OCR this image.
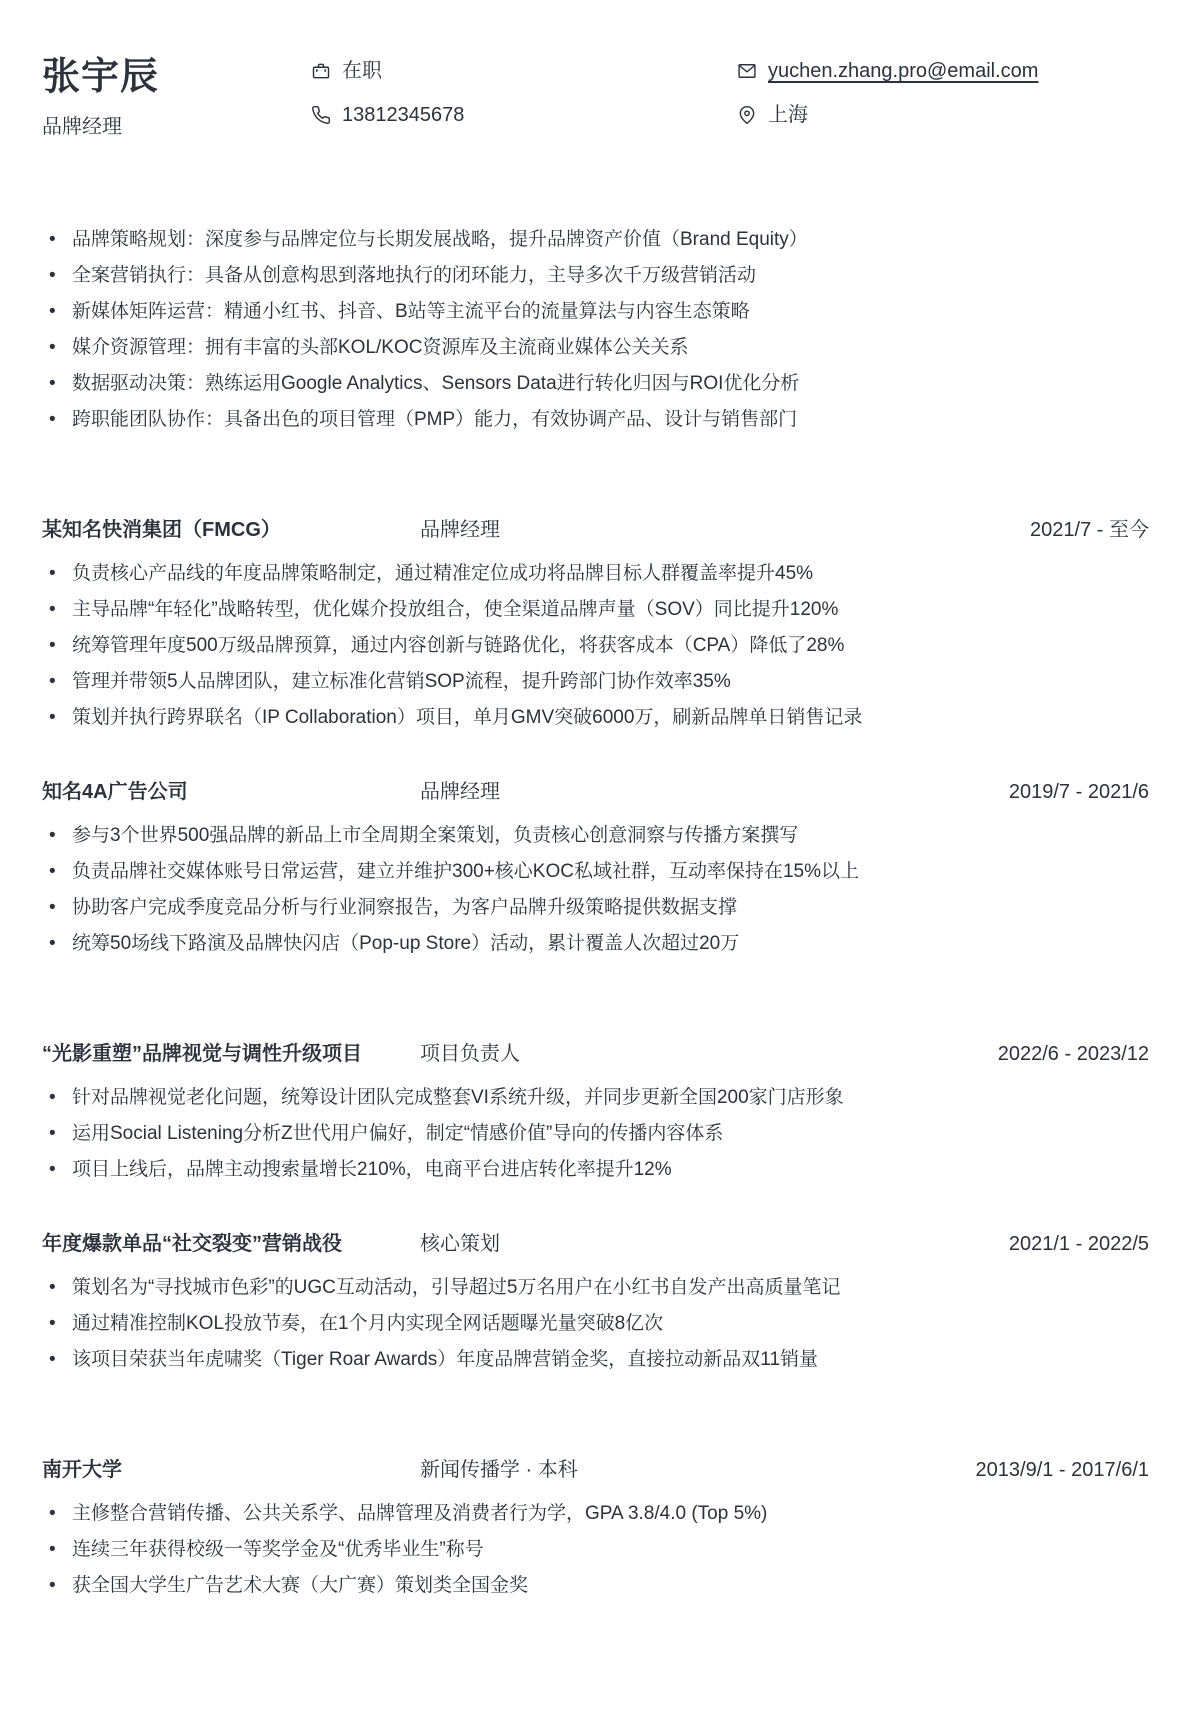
张宇辰
品牌经理
在职
13812345678
yuchen.zhang.pro@email.com
上海
• 品牌策略规划：深度参与品牌定位与长期发展战略，提升品牌资产价值（Brand Equity）
• 全案营销执行：具备从创意构思到落地执行的闭环能力，主导多次千万级营销活动
• 新媒体矩阵运营：精通小红书、抖音、B站等主流平台的流量算法与内容生态策略
• 媒介资源管理：拥有丰富的头部KOL/KOC资源库及主流商业媒体公关关系
• 数据驱动决策：熟练运用Google Analytics、Sensors Data进行转化归因与ROI优化分析
• 跨职能团队协作：具备出色的项目管理（PMP）能力，有效协调产品、设计与销售部门
某知名快消集团（FMCG）	品牌经理	2021/7 - 至今
• 负责核心产品线的年度品牌策略制定，通过精准定位成功将品牌目标人群覆盖率提升45%
• 主导品牌“年轻化”战略转型，优化媒介投放组合，使全渠道品牌声量（SOV）同比提升120%
• 统筹管理年度500万级品牌预算，通过内容创新与链路优化，将获客成本（CPA）降低了28%
• 管理并带领5人品牌团队，建立标准化营销SOP流程，提升跨部门协作效率35%
• 策划并执行跨界联名（IP Collaboration）项目，单月GMV突破6000万，刷新品牌单日销售记录
知名4A广告公司	品牌经理	2019/7 - 2021/6
• 参与3个世界500强品牌的新品上市全周期全案策划，负责核心创意洞察与传播方案撰写
• 负责品牌社交媒体账号日常运营，建立并维护300+核心KOC私域社群，互动率保持在15%以上
• 协助客户完成季度竞品分析与行业洞察报告，为客户品牌升级策略提供数据支撑
• 统筹50场线下路演及品牌快闪店（Pop-up Store）活动，累计覆盖人次超过20万
“光影重塑”品牌视觉与调性升级项目	项目负责人	2022/6 - 2023/12
• 针对品牌视觉老化问题，统筹设计团队完成整套VI系统升级，并同步更新全国200家门店形象
• 运用Social Listening分析Z世代用户偏好，制定“情感价值”导向的传播内容体系
• 项目上线后，品牌主动搜索量增长210%，电商平台进店转化率提升12%
年度爆款单品“社交裂变”营销战役	核心策划	2021/1 - 2022/5
• 策划名为“寻找城市色彩”的UGC互动活动，引导超过5万名用户在小红书自发产出高质量笔记
• 通过精准控制KOL投放节奏，在1个月内实现全网话题曝光量突破8亿次
• 该项目荣获当年虎啸奖（Tiger Roar Awards）年度品牌营销金奖，直接拉动新品双11销量
南开大学	新闻传播学 · 本科	2013/9/1 - 2017/6/1
• 主修整合营销传播、公共关系学、品牌管理及消费者行为学，GPA 3.8/4.0 (Top 5%)
• 连续三年获得校级一等奖学金及“优秀毕业生”称号
• 获全国大学生广告艺术大赛（大广赛）策划类全国金奖
